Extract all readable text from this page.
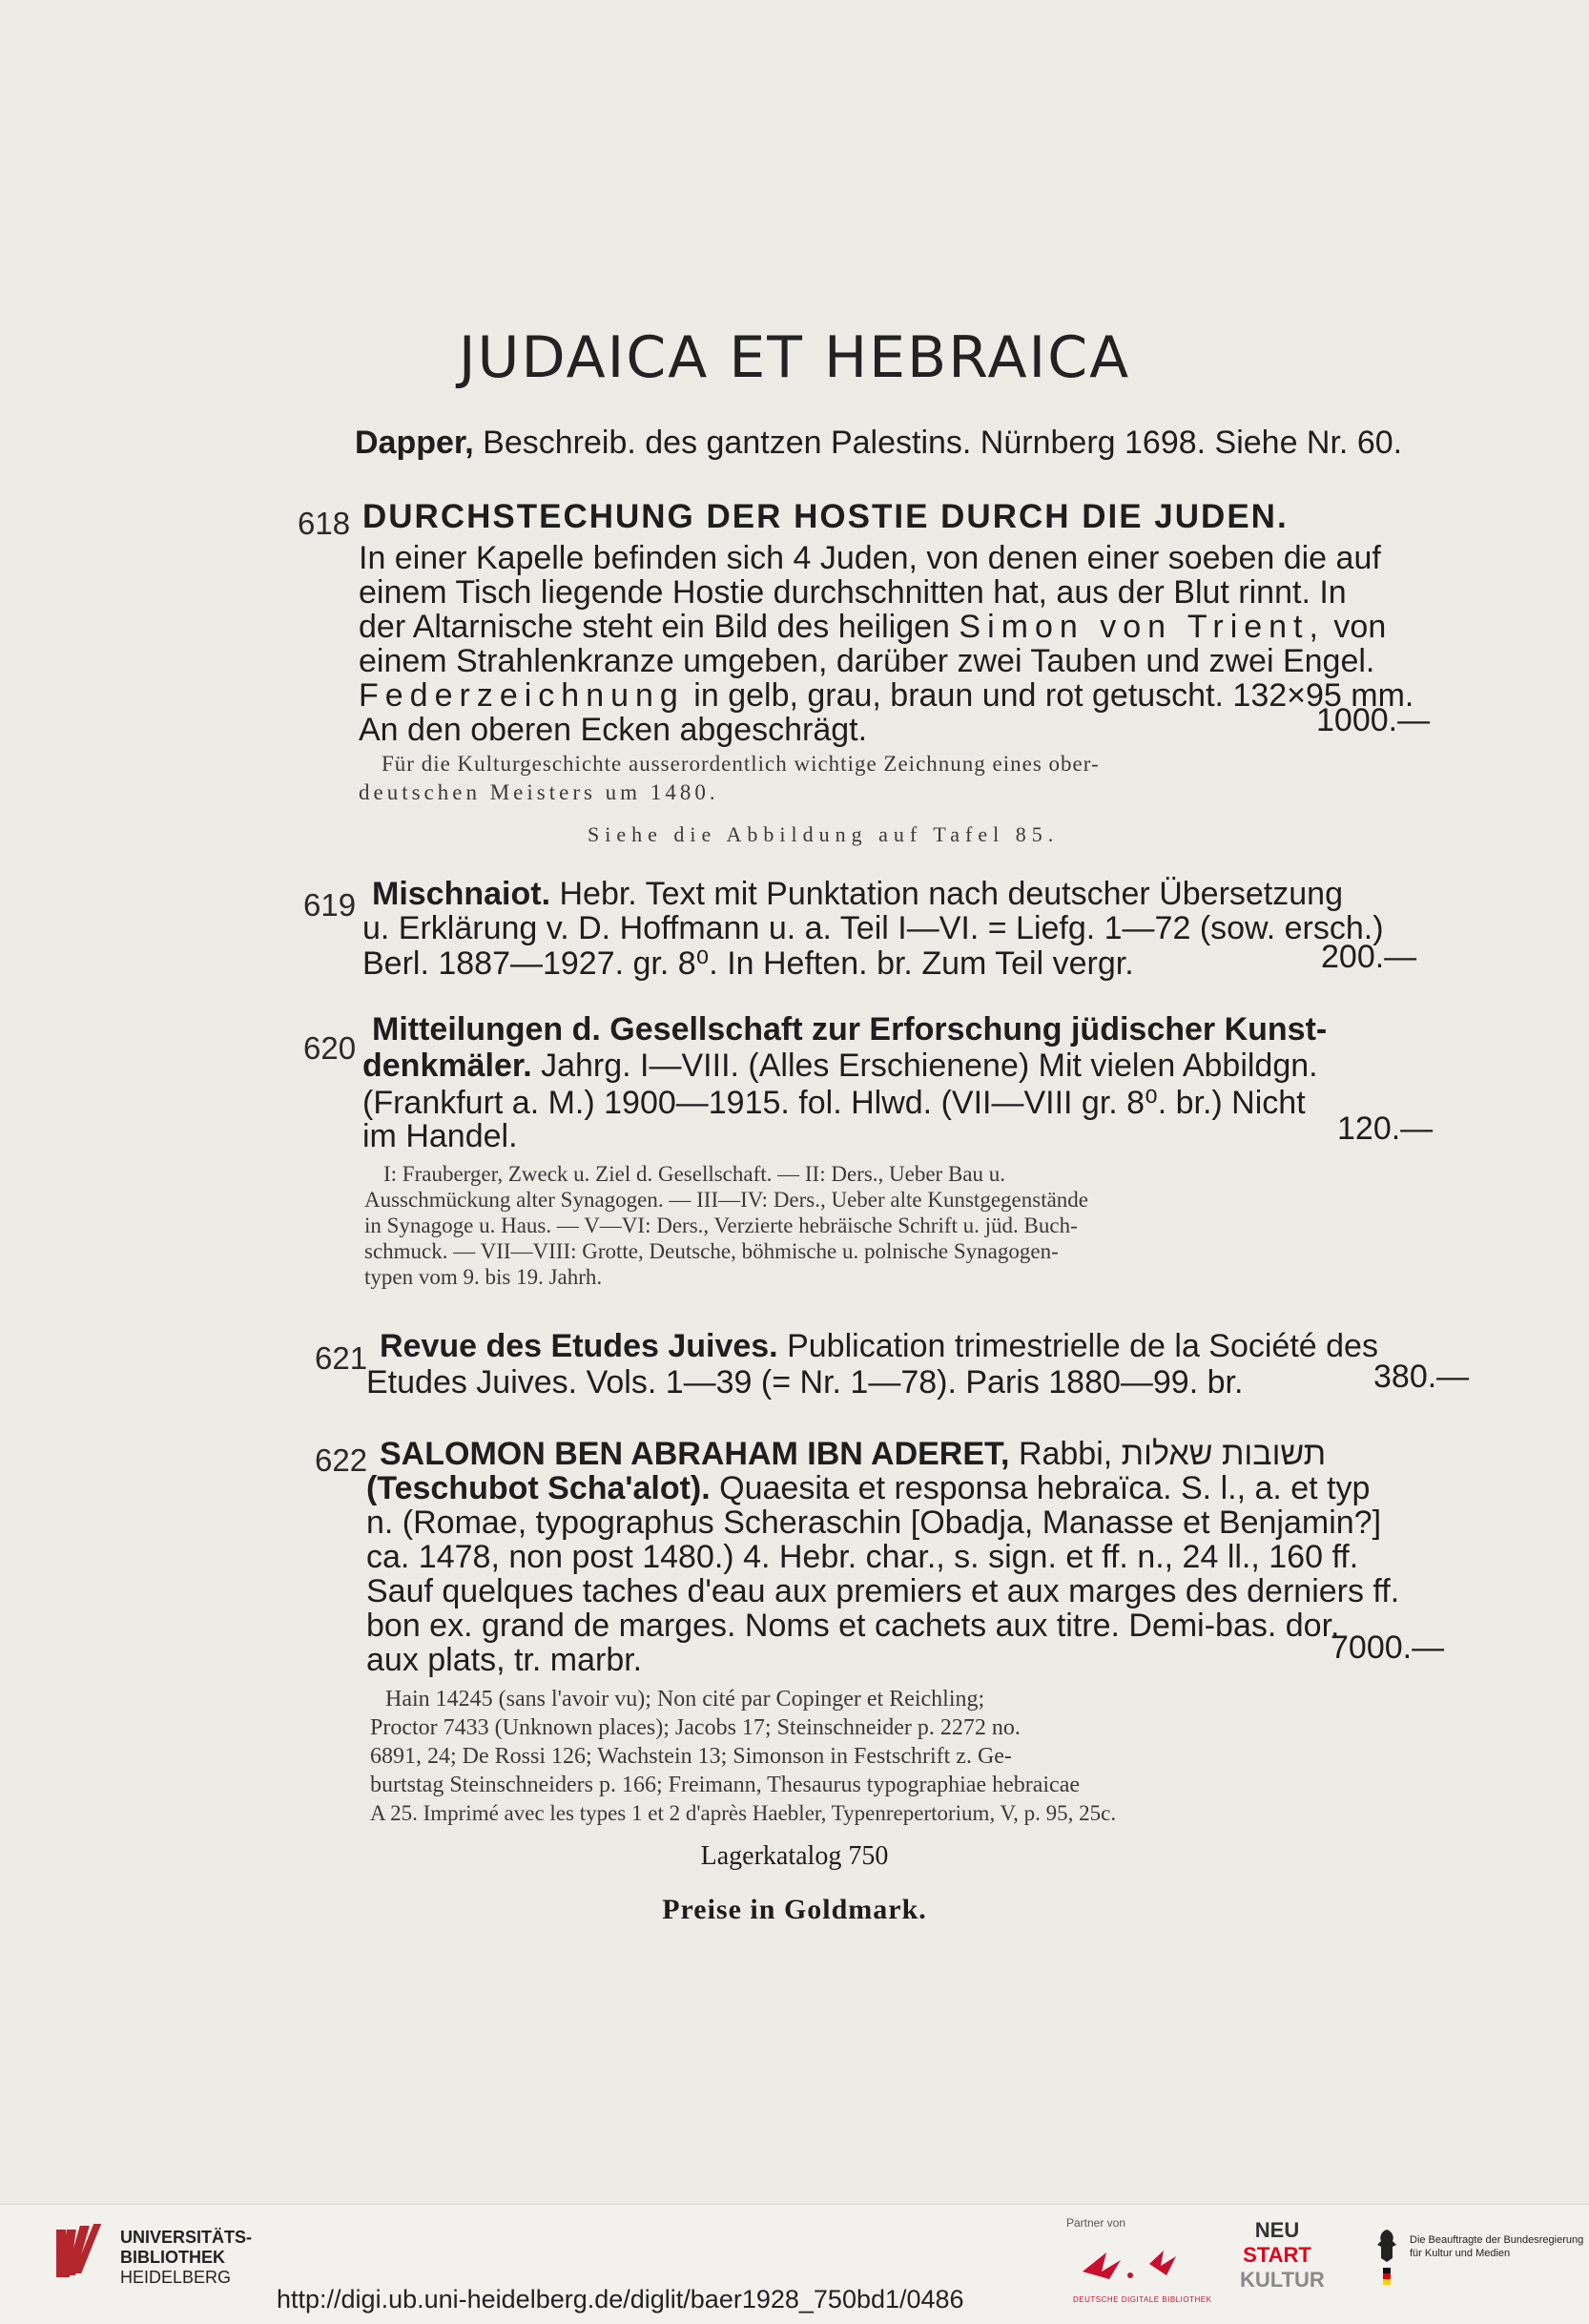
JUDAICA ET HEBRAICA
Dapper, Beschreib. des gantzen Palestins. Nürnberg 1698. Siehe Nr. 60.
618 DURCHSTECHUNG DER HOSTIE DURCH DIE JUDEN.
In einer Kapelle befinden sich 4 Juden, von denen einer soeben die auf
einem Tisch liegende Hostie durchschnitten hat, aus der Blut rinnt. In
der Altarnische steht ein Bild des heiligen Simon von Trient, von
einem Strahlenkranze umgeben, darüber zwei Tauben und zwei Engel.
Federzeichnung in gelb, grau, braun und rot getuscht. 132×95 mm.
An den oberen Ecken abgeschrägt.	1000.—
Für die Kulturgeschichte ausserordentlich wichtige Zeichnung eines ober-
deutschen Meisters um 1480.
Siehe die Abbildung auf Tafel 85.
619 Mischnaiot. Hebr. Text mit Punktation nach deutscher Übersetzung
u. Erklärung v. D. Hoffmann u. a. Teil I—VI. = Liefg. 1—72 (sow. ersch.)
Berl. 1887—1927. gr. 8⁰. In Heften. br. Zum Teil vergr.	200.—
620
Mitteilungen d. Gesellschaft zur Erforschung jüdischer Kunst-
denkmäler. Jahrg. I—VIII. (Alles Erschienene) Mit vielen Abbildgn.
(Frankfurt a. M.) 1900—1915. fol. Hlwd. (VII—VIII gr. 8⁰. br.) Nicht
im Handel.	120.—
I: Frauberger, Zweck u. Ziel d. Gesellschaft. — II: Ders., Ueber Bau u.
Ausschmückung alter Synagogen. — III—IV: Ders., Ueber alte Kunstgegenstände
in Synagoge u. Haus. — V—VI: Ders., Verzierte hebräische Schrift u. jüd. Buch-
schmuck. — VII—VIII: Grotte, Deutsche, böhmische u. polnische Synagogen-
typen vom 9. bis 19. Jahrh.
621 Revue des Etudes Juives. Publication trimestrielle de la Société des
Etudes Juives. Vols. 1—39 (= Nr. 1—78). Paris 1880—99. br.	380.—
622 SALOMON BEN ABRAHAM IBN ADERET, Rabbi, תשובות שאלות
(Teschubot Scha'alot). Quaesita et responsa hebraïca. S. l., a. et typ
n. (Romae, typographus Scheraschin [Obadja, Manasse et Benjamin?]
ca. 1478, non post 1480.) 4. Hebr. char., s. sign. et ff. n., 24 ll., 160 ff.
Sauf quelques taches d'eau aux premiers et aux marges des derniers ff.
bon ex. grand de marges. Noms et cachets aux titre. Demi-bas. dor.
aux plats, tr. marbr.	7000.—
Hain 14245 (sans l'avoir vu); Non cité par Copinger et Reichling;
Proctor 7433 (Unknown places); Jacobs 17; Steinschneider p. 2272 no.
6891, 24; De Rossi 126; Wachstein 13; Simonson in Festschrift z. Ge-
burtstag Steinschneiders p. 166; Freimann, Thesaurus typographiae hebraicae
A 25. Imprimé avec les types 1 et 2 d'après Haebler, Typenrepertorium, V, p. 95, 25c.
Lagerkatalog 750
Preise in Goldmark.
UNIVERSITÄTS-
BIBLIOTHEK
HEIDELBERG
Partner von
DEUTSCHE DIGITALE BIBLIOTHEK
NEU
START
KULTUR
Die Beauftragte der Bundesregierung
für Kultur und Medien
http://digi.ub.uni-heidelberg.de/diglit/baer1928_750bd1/0486
